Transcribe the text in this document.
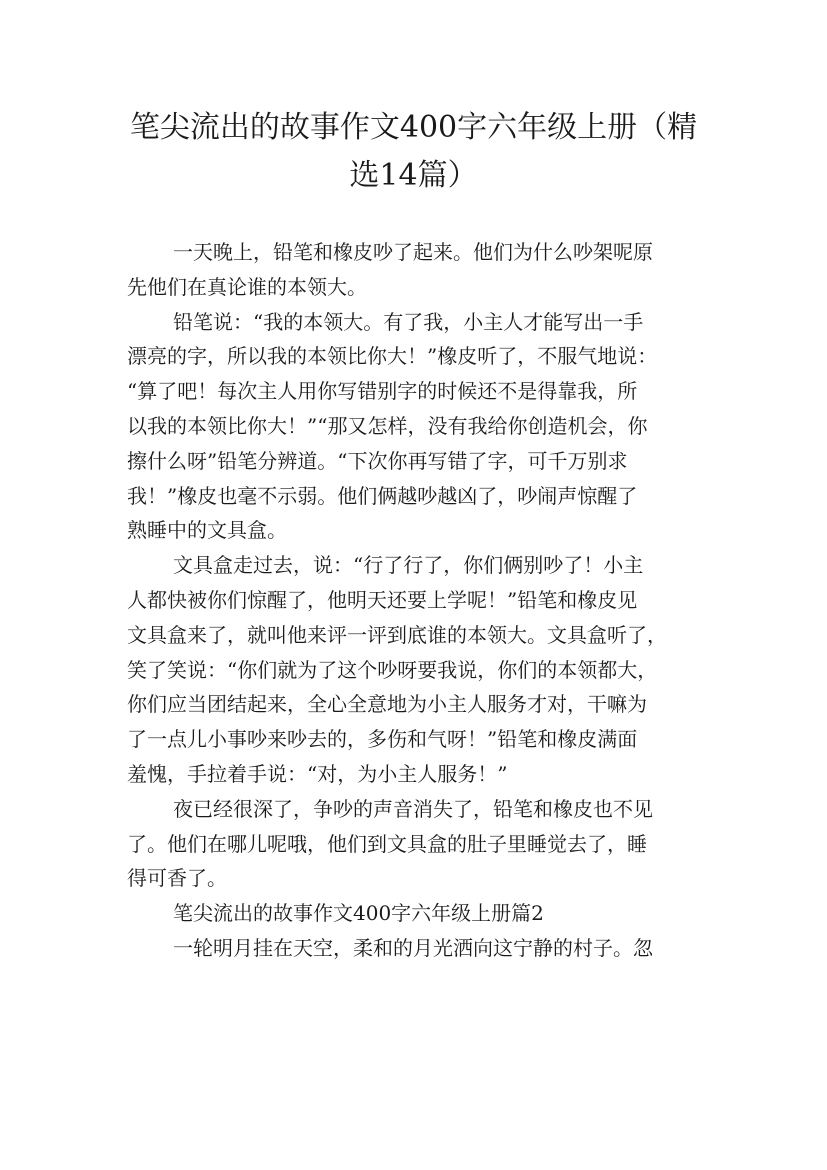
笔尖流出的故事作文400字六年级上册（精
选14篇）
一天晚上，铅笔和橡皮吵了起来。他们为什么吵架呢原
先他们在真论谁的本领大。
铅笔说：“我的本领大。有了我，小主人才能写出一手
漂亮的字，所以我的本领比你大！”橡皮听了，不服气地说：
“算了吧！每次主人用你写错别字的时候还不是得靠我，所
以我的本领比你大！”“那又怎样，没有我给你创造机会，你
擦什么呀”铅笔分辨道。“下次你再写错了字，可千万别求
我！”橡皮也毫不示弱。他们俩越吵越凶了，吵闹声惊醒了
熟睡中的文具盒。
文具盒走过去，说：“行了行了，你们俩别吵了！小主
人都快被你们惊醒了，他明天还要上学呢！”铅笔和橡皮见
文具盒来了，就叫他来评一评到底谁的本领大。文具盒听了，
笑了笑说：“你们就为了这个吵呀要我说，你们的本领都大，
你们应当团结起来，全心全意地为小主人服务才对，干嘛为
了一点儿小事吵来吵去的，多伤和气呀！”铅笔和橡皮满面
羞愧，手拉着手说：“对，为小主人服务！”
夜已经很深了，争吵的声音消失了，铅笔和橡皮也不见
了。他们在哪儿呢哦，他们到文具盒的肚子里睡觉去了，睡
得可香了。
笔尖流出的故事作文400字六年级上册篇2
一轮明月挂在天空，柔和的月光洒向这宁静的村子。忽
